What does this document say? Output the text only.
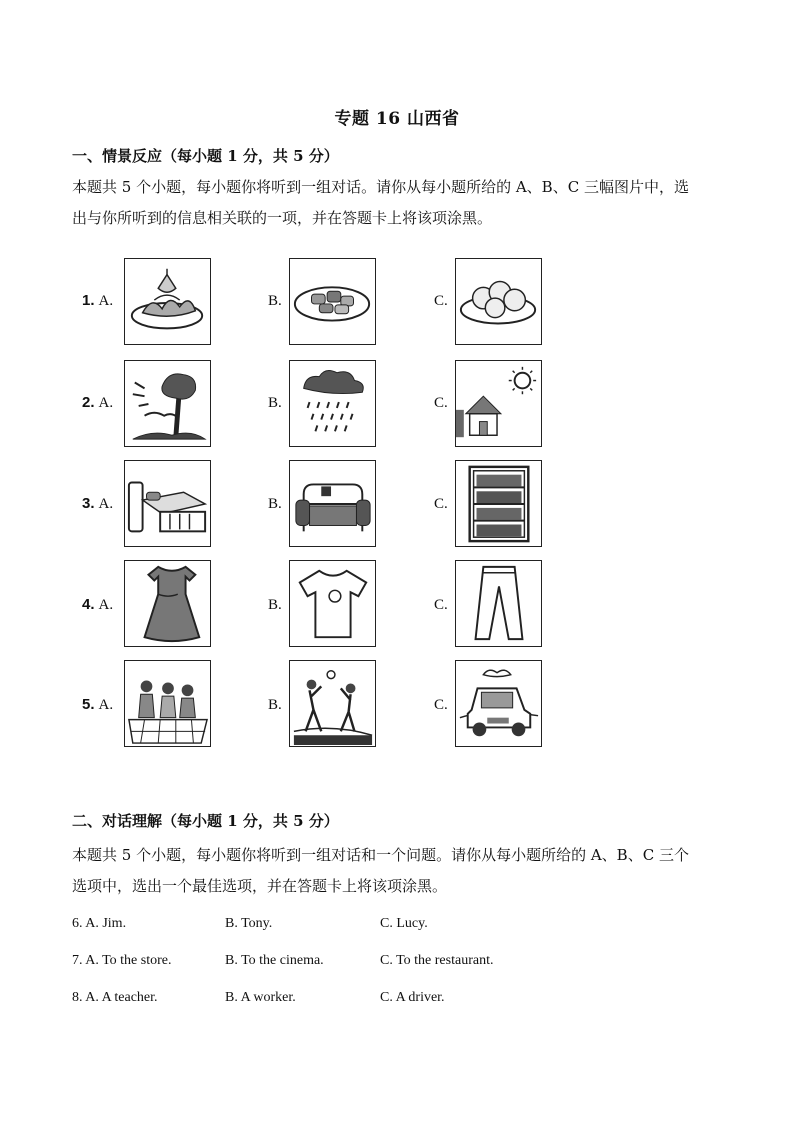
专题 16 山西省
一、情景反应（每小题 1 分，共 5 分）
本题共 5 个小题，每小题你将听到一组对话。请你从每小题所给的 A、B、C 三幅图片中，选
出与你所听到的信息相关联的一项，并在答题卡上将该项涂黑。
1. A.	B.	C.
2. A.	B.	C.
3. A.	B.	C.
4. A.	B.	C.
5. A.	B.	C.
二、对话理解（每小题 1 分，共 5 分）
本题共 5 个小题，每小题你将听到一组对话和一个问题。请你从每小题所给的 A、B、C 三个
选项中，选出一个最佳选项，并在答题卡上将该项涂黑。
6. A. Jim.	B. Tony.	C. Lucy.
7. A. To the store.	B. To the cinema.	C. To the restaurant.
8. A. A teacher.	B. A worker.	C. A driver.
